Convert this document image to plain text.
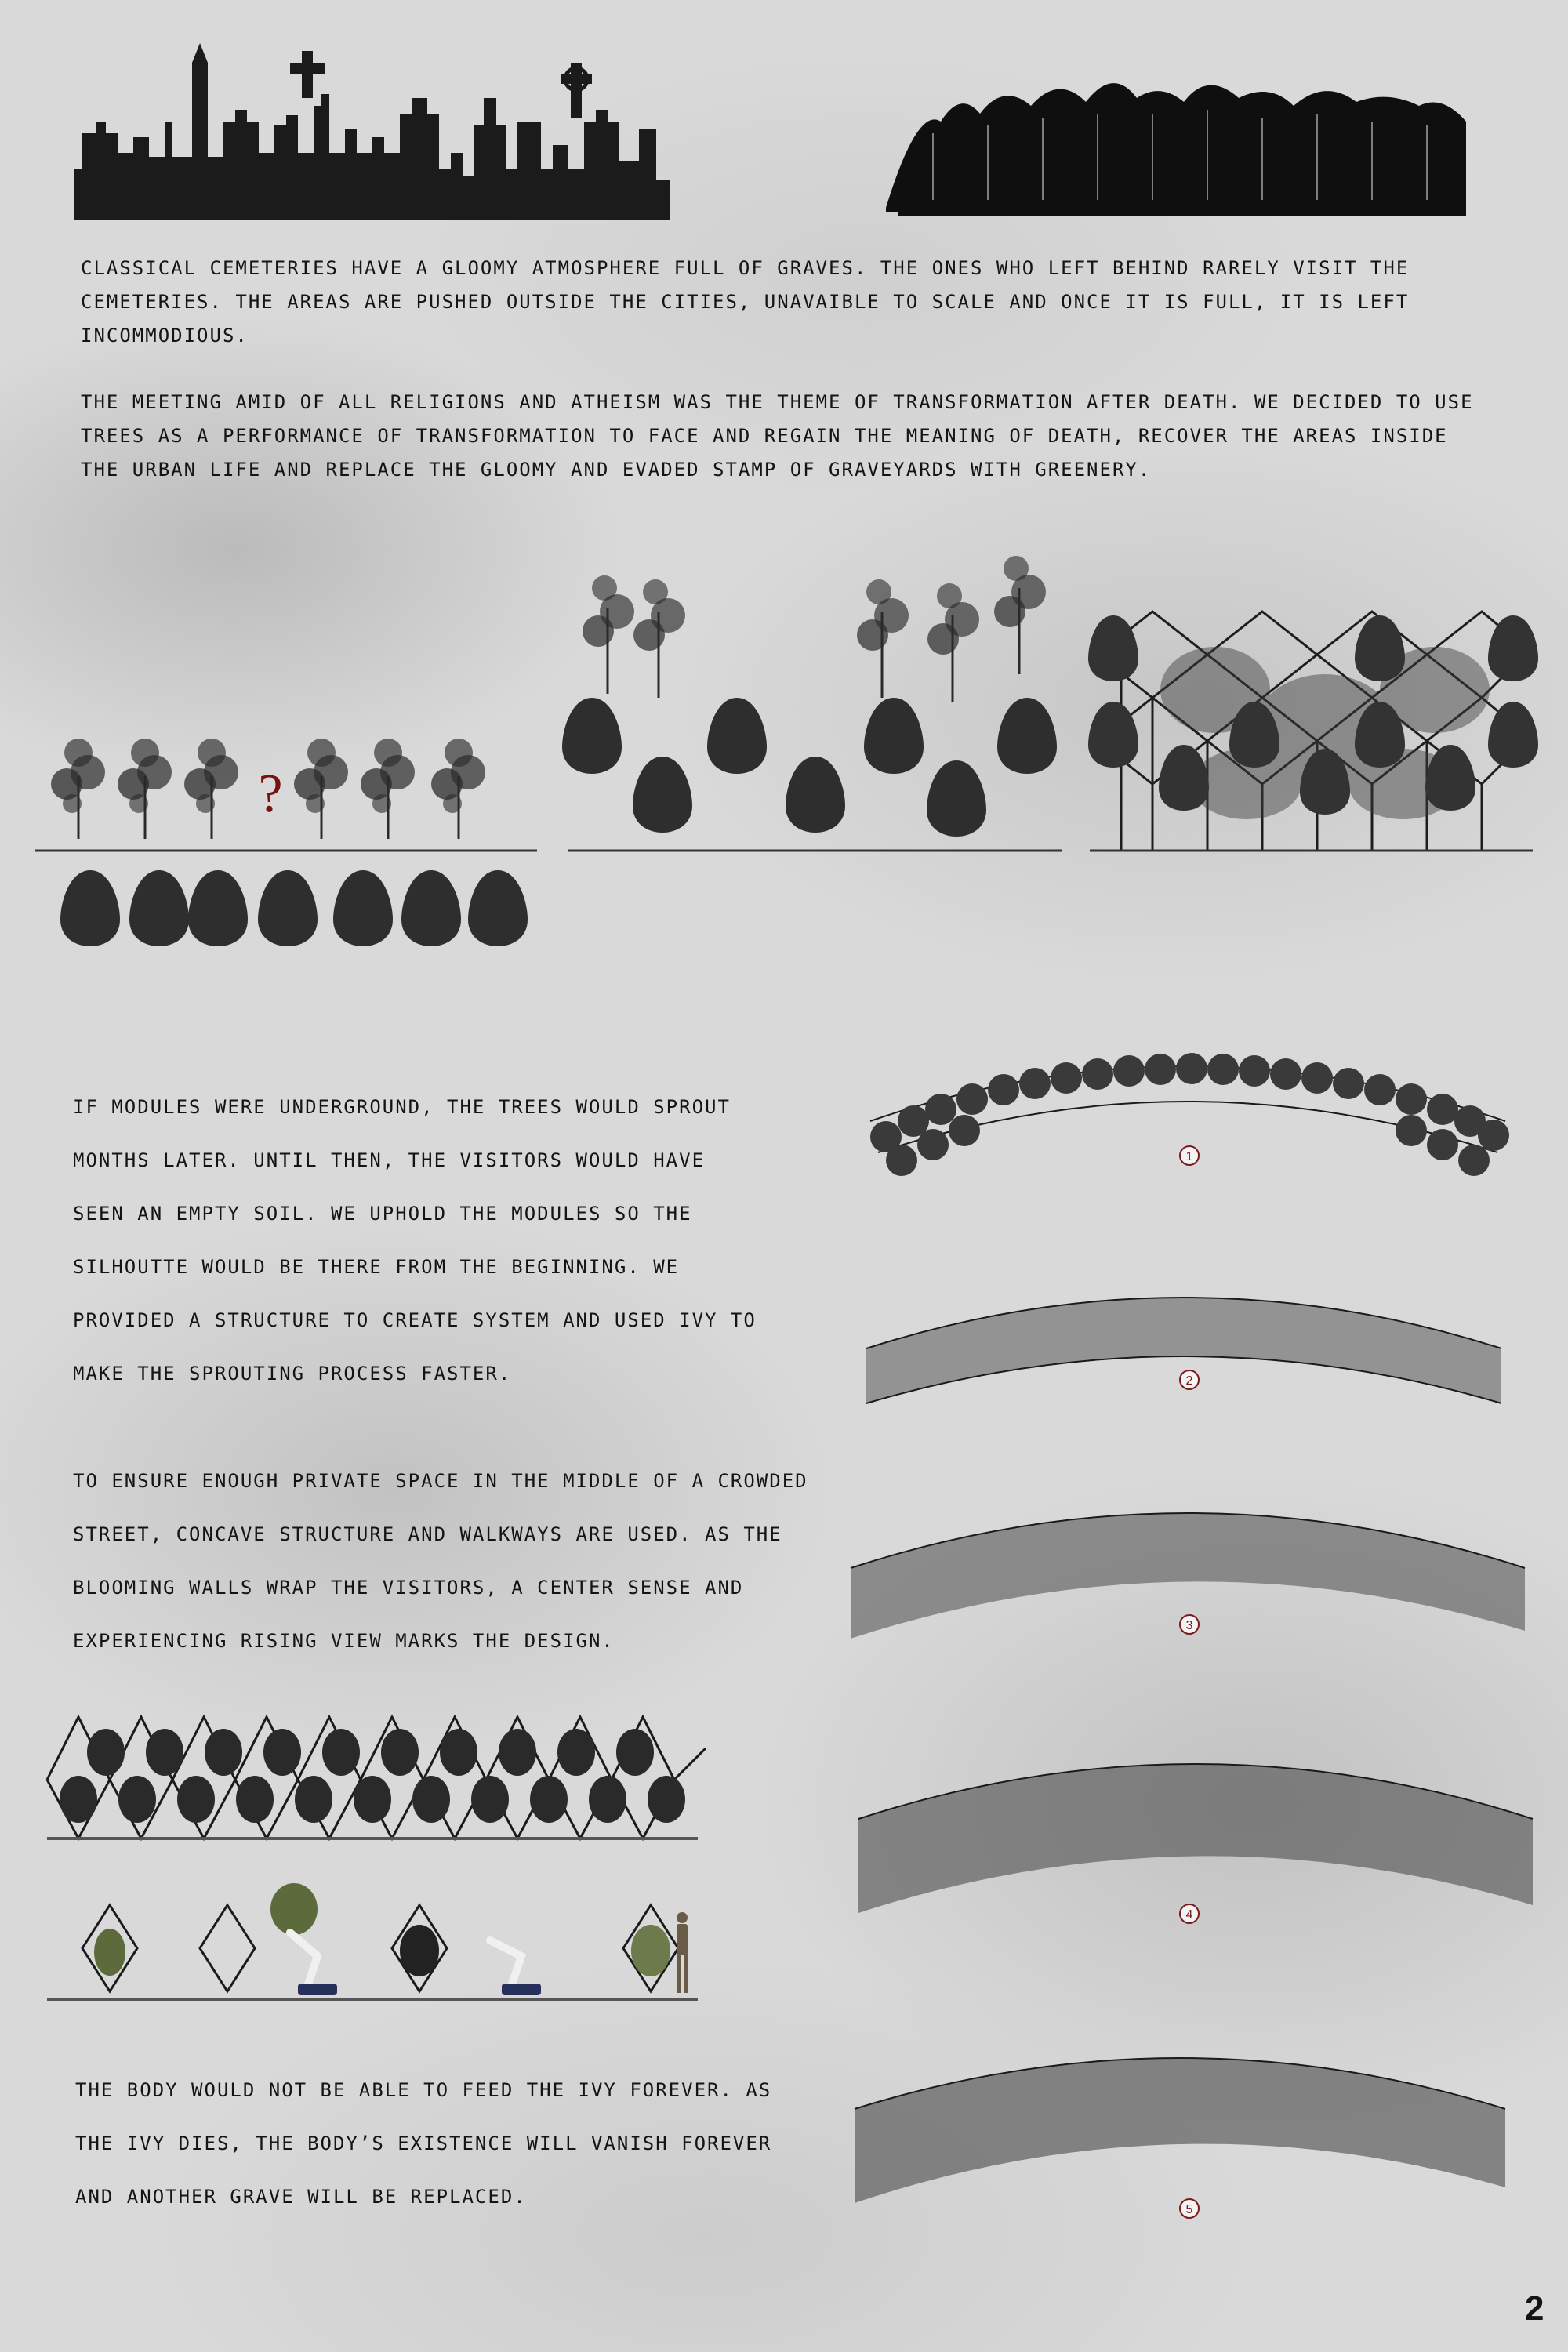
CLASSICAL CEMETERIES HAVE A GLOOMY ATMOSPHERE FULL OF GRAVES. THE ONES WHO LEFT BEHIND RARELY VISIT THE CEMETERIES. THE AREAS ARE PUSHED OUTSIDE THE CITIES, UNAVAIBLE TO SCALE AND ONCE IT IS FULL, IT IS LEFT INCOMMODIOUS.

THE MEETING AMID OF ALL RELIGIONS AND ATHEISM WAS THE THEME OF TRANSFORMATION AFTER DEATH. WE DECIDED TO USE TREES AS A PERFORMANCE OF TRANSFORMATION TO FACE AND REGAIN THE MEANING OF DEATH, RECOVER THE AREAS INSIDE THE URBAN LIFE AND REPLACE THE GLOOMY AND EVADED STAMP OF GRAVEYARDS WITH GREENERY.

?

IF MODULES WERE UNDERGROUND, THE TREES WOULD SPROUT MONTHS LATER. UNTIL THEN, THE VISITORS WOULD HAVE SEEN AN EMPTY SOIL. WE UPHOLD THE MODULES SO THE SILHOUTTE WOULD BE THERE FROM THE BEGINNING. WE PROVIDED A STRUCTURE TO CREATE SYSTEM AND USED IVY TO MAKE THE SPROUTING PROCESS FASTER.

TO ENSURE ENOUGH PRIVATE SPACE IN THE MIDDLE OF A CROWDED STREET, CONCAVE STRUCTURE AND WALKWAYS ARE USED. AS THE BLOOMING WALLS WRAP THE VISITORS, A CENTER SENSE AND EXPERIENCING RISING VIEW MARKS THE DESIGN.

1
2
3
4
5

THE BODY WOULD NOT BE ABLE TO FEED THE IVY FOREVER. AS THE IVY DIES, THE BODY’S EXISTENCE WILL VANISH FOREVER AND ANOTHER GRAVE WILL BE REPLACED.

2
